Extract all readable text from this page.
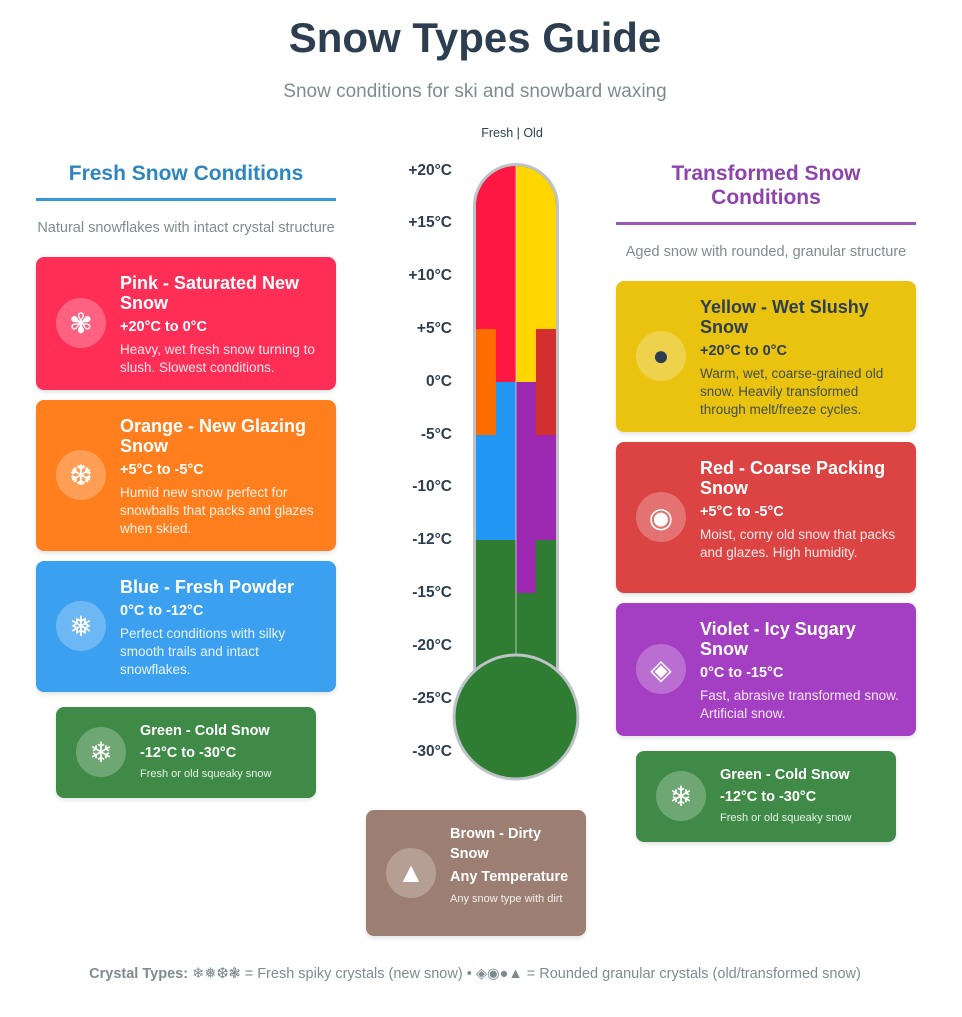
Snow Types Guide
Snow conditions for ski and snowbard waxing
Fresh Snow Conditions
Natural snowflakes with intact crystal structure
✾
Pink - Saturated New Snow
+20°C to 0°C
Heavy, wet fresh snow turning to slush. Slowest conditions.
❆
Orange - New Glazing Snow
+5°C to -5°C
Humid new snow perfect for snowballs that packs and glazes when skied.
❅
Blue - Fresh Powder
0°C to -12°C
Perfect conditions with silky smooth trails and intact snowflakes.
❄
Green - Cold Snow
-12°C to -30°C
Fresh or old squeaky snow
Fresh | Old
+20°C
+15°C
+10°C
+5°C
0°C
-5°C
-10°C
-12°C
-15°C
-20°C
-25°C
-30°C
Transformed Snow Conditions
Aged snow with rounded, granular structure
●
Yellow - Wet Slushy Snow
+20°C to 0°C
Warm, wet, coarse-grained old snow. Heavily transformed through melt/freeze cycles.
◉
Red - Coarse Packing Snow
+5°C to -5°C
Moist, corny old snow that packs and glazes. High humidity.
◈
Violet - Icy Sugary Snow
0°C to -15°C
Fast, abrasive transformed snow. Artificial snow.
❄
Green - Cold Snow
-12°C to -30°C
Fresh or old squeaky snow
▲
Brown - Dirty Snow
Any Temperature
Any snow type with dirt
Crystal Types: ❄❅❆❃ = Fresh spiky crystals (new snow) • ◈◉●▲ = Rounded granular crystals (old/transformed snow)
